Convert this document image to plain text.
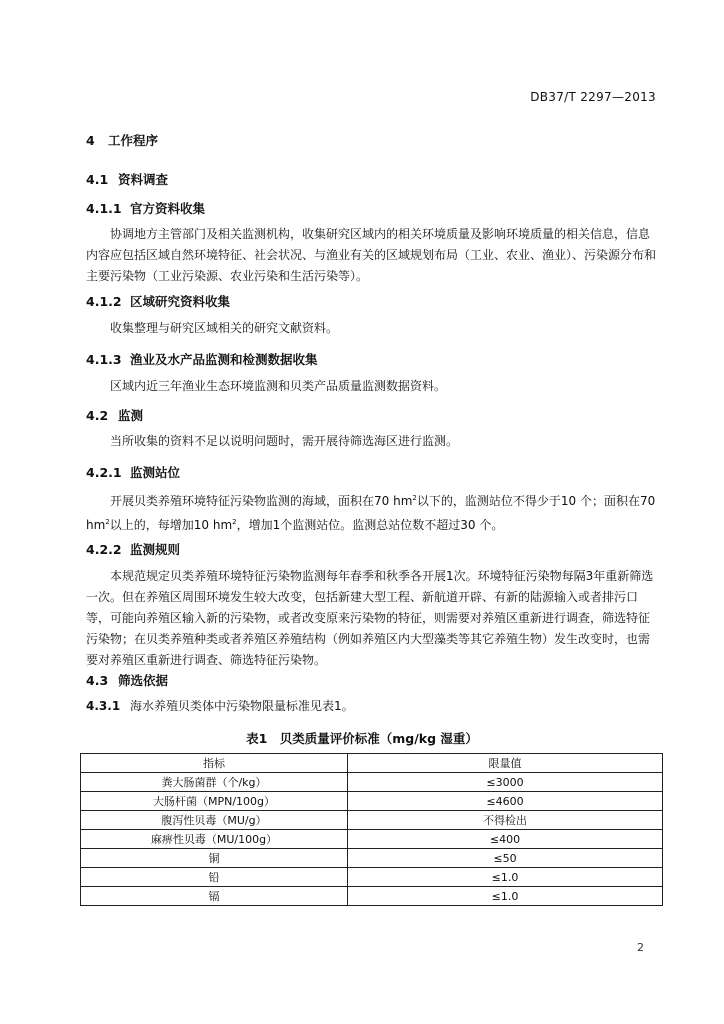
DB37/T 2297—2013
4 工作程序
4.1 资料调查
4.1.1 官方资料收集
协调地方主管部门及相关监测机构，收集研究区域内的相关环境质量及影响环境质量的相关信息，信息内容应包括区域自然环境特征、社会状况、与渔业有关的区域规划布局（工业、农业、渔业）、污染源分布和主要污染物（工业污染源、农业污染和生活污染等）。
4.1.2 区域研究资料收集
收集整理与研究区域相关的研究文献资料。
4.1.3 渔业及水产品监测和检测数据收集
区域内近三年渔业生态环境监测和贝类产品质量监测数据资料。
4.2 监测
当所收集的资料不足以说明问题时，需开展待筛选海区进行监测。
4.2.1 监测站位
开展贝类养殖环境特征污染物监测的海域，面积在70 $hm^2$以下的，监测站位不得少于10 个；面积在70 $hm^2$以上的，每增加10 $hm^2$，增加1个监测站位。监测总站位数不超过30 个。
4.2.2 监测规则
本规范规定贝类养殖环境特征污染物监测每年春季和秋季各开展1次。环境特征污染物每隔3年重新筛选一次。但在养殖区周围环境发生较大改变，包括新建大型工程、新航道开辟、有新的陆源输入或者排污口等，可能向养殖区输入新的污染物，或者改变原来污染物的特征，则需要对养殖区重新进行调查，筛选特征污染物；在贝类养殖种类或者养殖区养殖结构（例如养殖区内大型藻类等其它养殖生物）发生改变时，也需要对养殖区重新进行调查、筛选特征污染物。
4.3 筛选依据
4.3.1 海水养殖贝类体中污染物限量标准见表1。
表1　贝类质量评价标准（mg/kg 湿重）
指标	限量值
粪大肠菌群（个/kg）	≤3000
大肠杆菌（MPN/100g）	≤4600
腹泻性贝毒（MU/g）	不得检出
麻痹性贝毒（MU/100g）	≤400
铜	≤50
铅	≤1.0
镉	≤1.0
2
